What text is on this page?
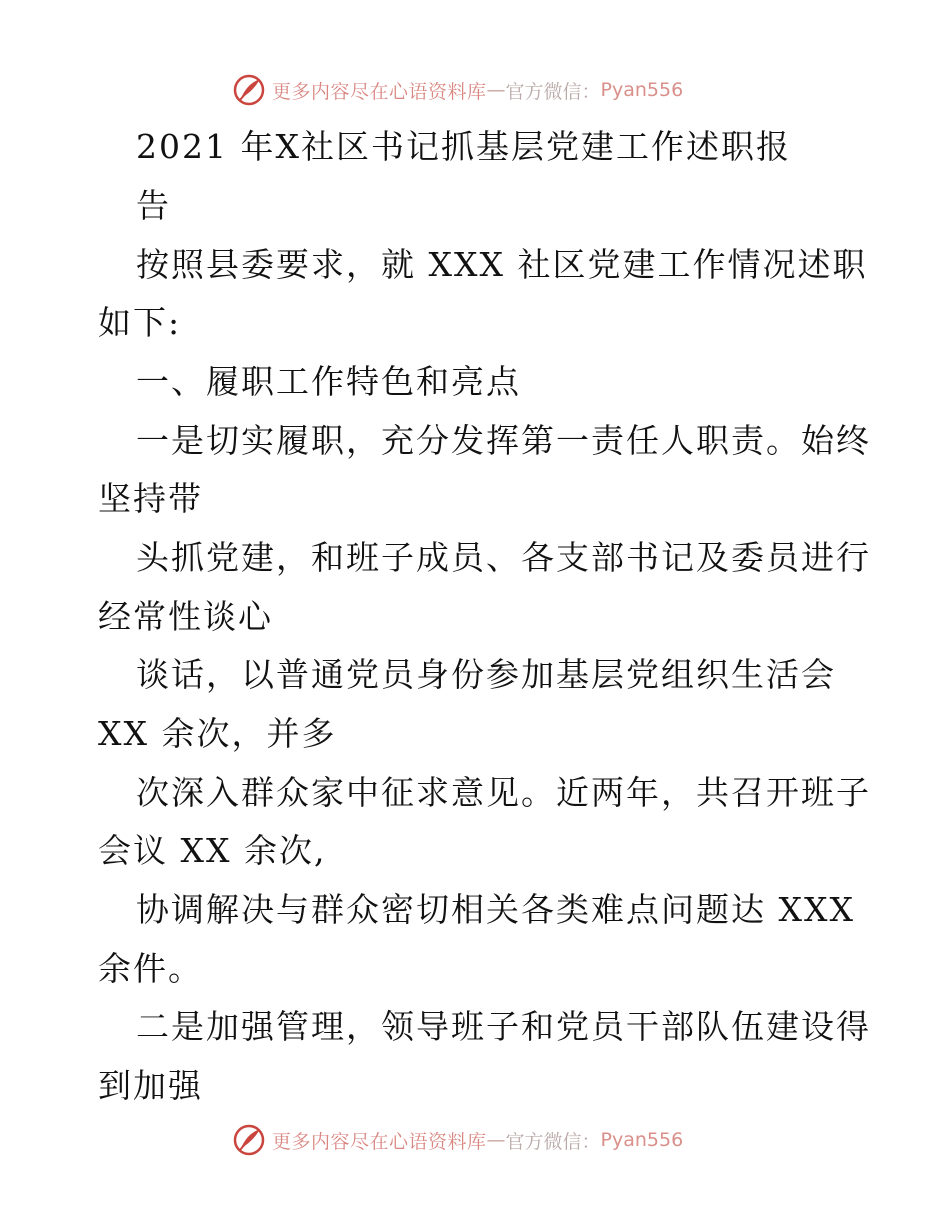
更多内容尽在心语资料库 — 官方微信： Pyan556
2021 年X社区书记抓基层党建工作述职报
告
按照县委要求，就 XXX 社区党建工作情况述职
如下:
一、履职工作特色和亮点
一是切实履职，充分发挥第一责任人职责。始终
坚持带
头抓党建，和班子成员、各支部书记及委员进行
经常性谈心
谈话，以普通党员身份参加基层党组织生活会
XX 余次，并多
次深入群众家中征求意见。近两年，共召开班子
会议 XX 余次,
协调解决与群众密切相关各类难点问题达 XXX
余件。
二是加强管理，领导班子和党员干部队伍建设得
到加强
更多内容尽在心语资料库 — 官方微信： Pyan556
